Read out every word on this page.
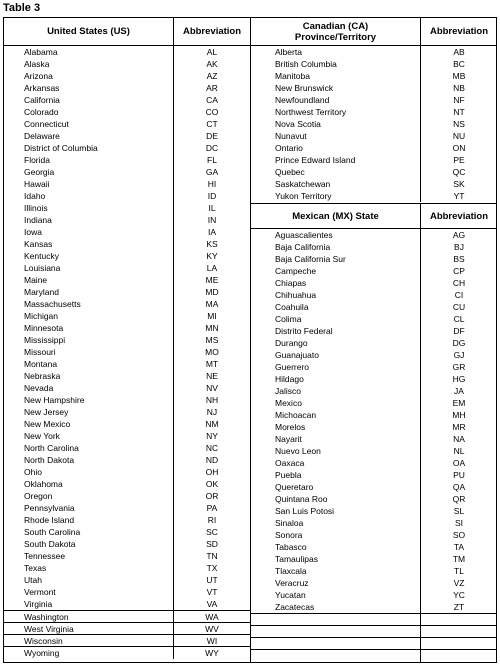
Table 3
United States (US)	Abbreviation
Alabama	AL
Alaska	AK
Arizona	AZ
Arkansas	AR
California	CA
Colorado	CO
Connecticut	CT
Delaware	DE
District of Columbia	DC
Florida	FL
Georgia	GA
Hawaii	HI
Idaho	ID
Illinois	IL
Indiana	IN
Iowa	IA
Kansas	KS
Kentucky	KY
Louisiana	LA
Maine	ME
Maryland	MD
Massachusetts	MA
Michigan	MI
Minnesota	MN
Mississippi	MS
Missouri	MO
Montana	MT
Nebraska	NE
Nevada	NV
New Hampshire	NH
New Jersey	NJ
New Mexico	NM
New York	NY
North Carolina	NC
North Dakota	ND
Ohio	OH
Oklahoma	OK
Oregon	OR
Pennsylvania	PA
Rhode Island	RI
South Carolina	SC
South Dakota	SD
Tennessee	TN
Texas	TX
Utah	UT
Vermont	VT
Virginia	VA
Washington	WA
West Virginia	WV
Wisconsin	WI
Wyoming	WY
Canadian (CA)
Province/Territory	Abbreviation
Alberta	AB
British Columbia	BC
Manitoba	MB
New Brunswick	NB
Newfoundland	NF
Northwest Territory	NT
Nova Scotia	NS
Nunavut	NU
Ontario	ON
Prince Edward Island	PE
Quebec	QC
Saskatchewan	SK
Yukon Territory	YT
Mexican (MX) State	Abbreviation
Aguascalientes	AG
Baja California	BJ
Baja California Sur	BS
Campeche	CP
Chiapas	CH
Chihuahua	CI
Coahuila	CU
Colima	CL
Distrito Federal	DF
Durango	DG
Guanajuato	GJ
Guerrero	GR
Hildago	HG
Jalisco	JA
Mexico	EM
Michoacan	MH
Morelos	MR
Nayarit	NA
Nuevo Leon	NL
Oaxaca	OA
Puebla	PU
Queretaro	QA
Quintana Roo	QR
San Luis Potosi	SL
Sinaloa	SI
Sonora	SO
Tabasco	TA
Tamaulipas	TM
Tlaxcala	TL
Veracruz	VZ
Yucatan	YC
Zacatecas	ZT
